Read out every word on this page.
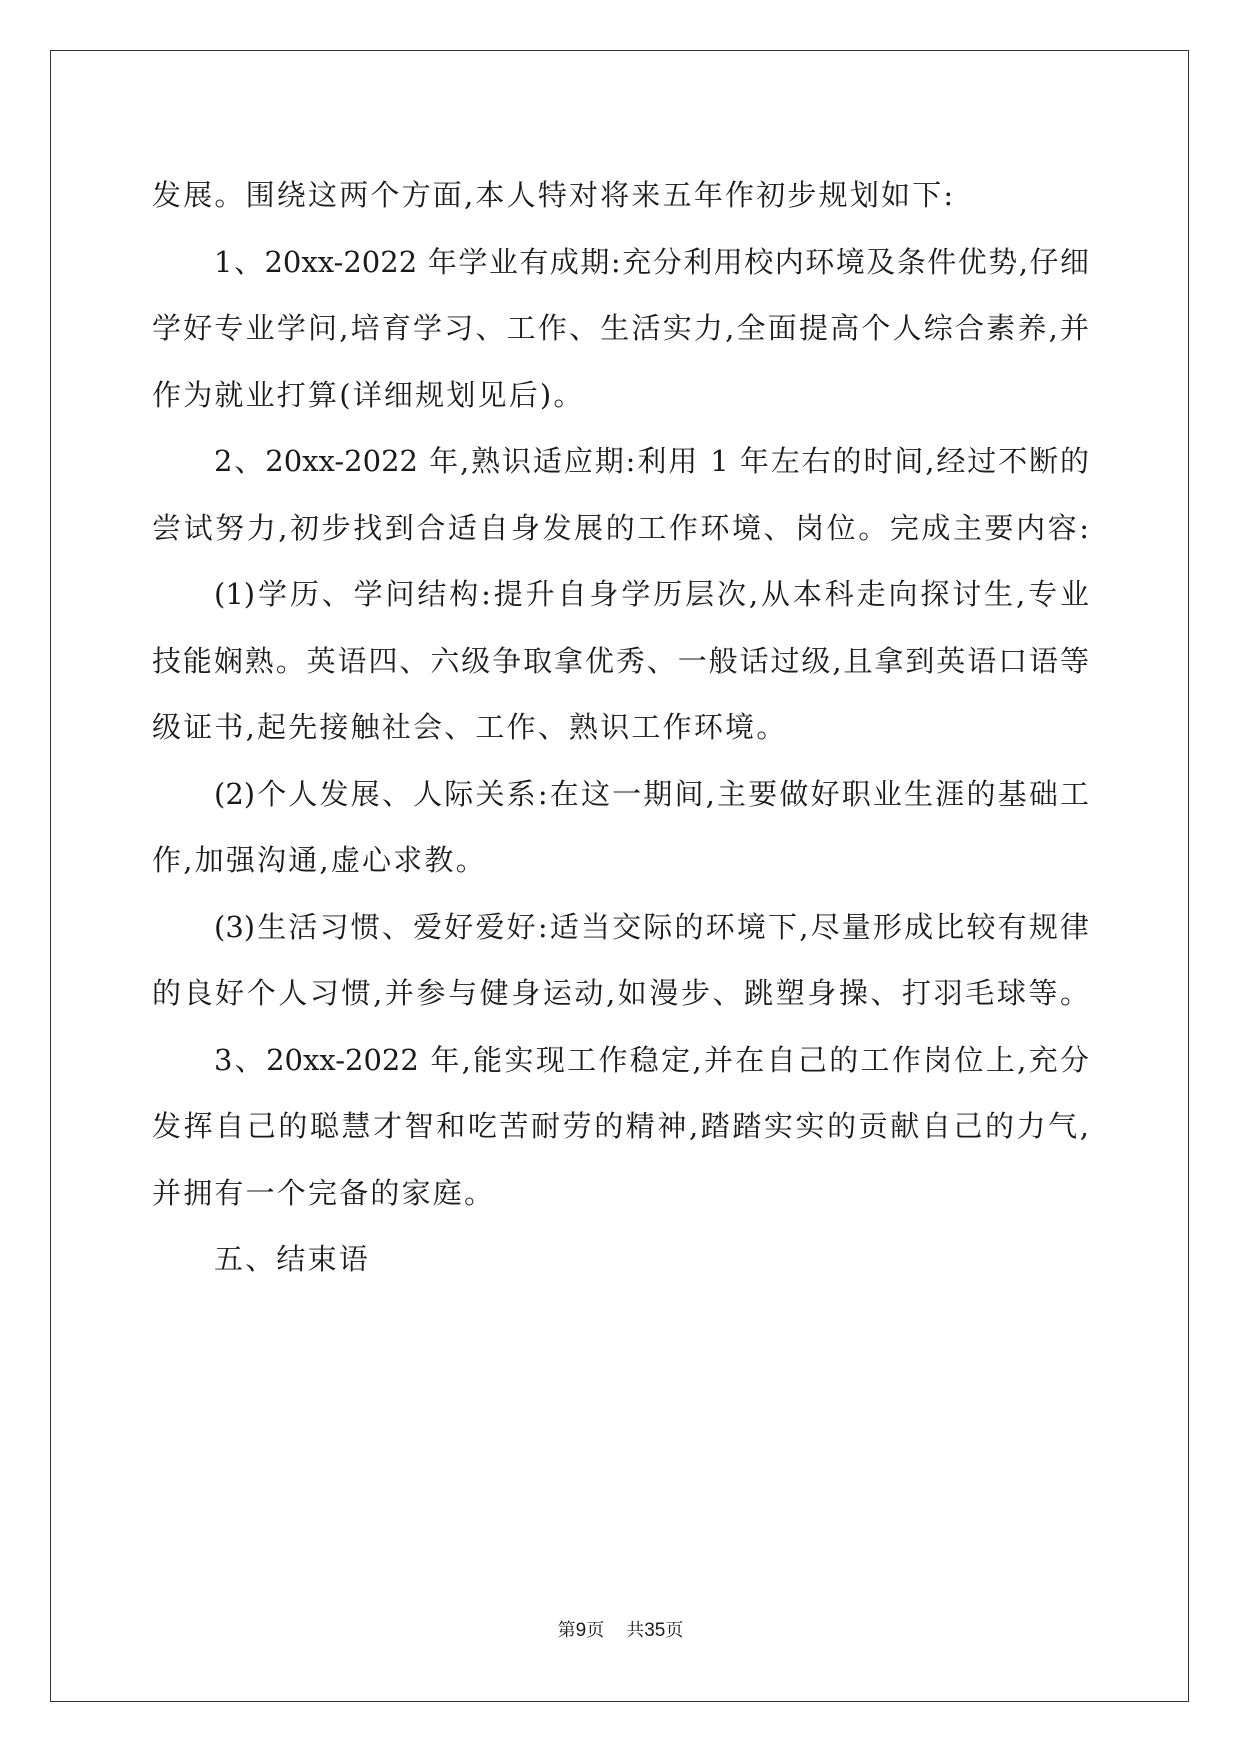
发展。围绕这两个方面,本人特对将来五年作初步规划如下:
1、20xx-2022 年学业有成期:充分利用校内环境及条件优势,仔细
学好专业学问,培育学习、工作、生活实力,全面提高个人综合素养,并
作为就业打算(详细规划见后)。
2、20xx-2022 年,熟识适应期:利用 1 年左右的时间,经过不断的
尝试努力,初步找到合适自身发展的工作环境、岗位。完成主要内容:
(1)学历、学问结构:提升自身学历层次,从本科走向探讨生,专业
技能娴熟。英语四、六级争取拿优秀、一般话过级,且拿到英语口语等
级证书,起先接触社会、工作、熟识工作环境。
(2)个人发展、人际关系:在这一期间,主要做好职业生涯的基础工
作,加强沟通,虚心求教。
(3)生活习惯、爱好爱好:适当交际的环境下,尽量形成比较有规律
的良好个人习惯,并参与健身运动,如漫步、跳塑身操、打羽毛球等。
3、20xx-2022 年,能实现工作稳定,并在自己的工作岗位上,充分
发挥自己的聪慧才智和吃苦耐劳的精神,踏踏实实的贡献自己的力气,
并拥有一个完备的家庭。
五、结束语
第9页 共35页
